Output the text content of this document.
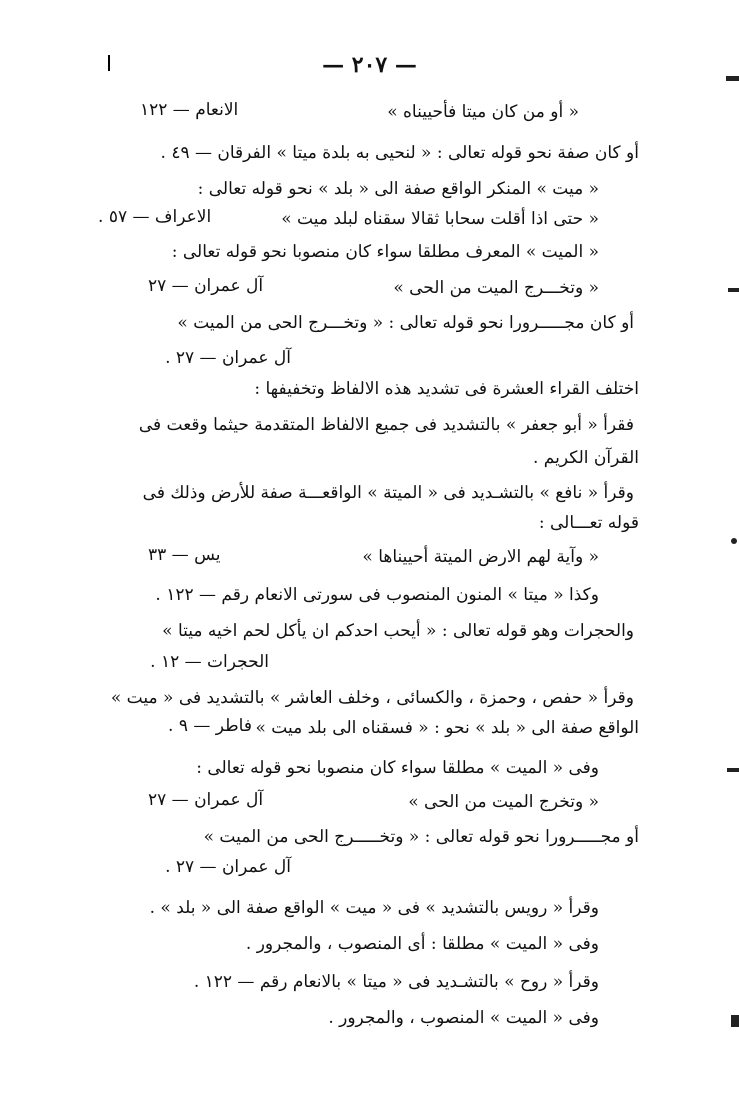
— ٢٠٧ —
« أو من كان ميتا فأحييناه »
الانعام — ١٢٢
أو كان صفة نحو قوله تعالى : « لنحيى به بلدة ميتا » الفرقان — ٤٩ .
« ميت » المنكر الواقع صفة الى « بلد » نحو قوله تعالى :
« حتى اذا أقلت سحابا ثقالا سقناه لبلد ميت »
الاعراف — ٥٧ .
« الميت » المعرف مطلقا سواء كان منصوبا نحو قوله تعالى :
« وتخـــرج الميت من الحى »
آل عمران — ٢٧
أو كان مجـــــرورا نحو قوله تعالى : « وتخـــرج الحى من الميت »
آل عمران — ٢٧ .
اختلف القراء العشرة فى تشديد هذه الالفاظ وتخفيفها :
فقرأ « أبو جعفر » بالتشديد فى جميع الالفاظ المتقدمة حيثما وقعت فى
القرآن الكريم .
وقرأ « نافع » بالتشـديد فى « الميتة » الواقعـــة صفة للأرض وذلك فى
قوله تعـــالى :
« وآية لهم الارض الميتة أحييناها »
يس — ٣٣
وكذا « ميتا » المنون المنصوب فى سورتى الانعام رقم — ١٢٢ .
والحجرات وهو قوله تعالى : « أيحب احدكم ان يأكل لحم اخيه ميتا »
الحجرات — ١٢ .
وقرأ « حفص ، وحمزة ، والكسائى ، وخلف العاشر » بالتشديد فى « ميت »
الواقع صفة الى « بلد » نحو : « فسقناه الى بلد ميت »
فاطر — ٩ .
وفى « الميت » مطلقا سواء كان منصوبا نحو قوله تعالى :
« وتخرج الميت من الحى »
آل عمران — ٢٧
أو مجـــــرورا نحو قوله تعالى : « وتخـــــرج الحى من الميت »
آل عمران — ٢٧ .
وقرأ « رويس بالتشديد » فى « ميت » الواقع صفة الى « بلد » .
وفى « الميت » مطلقا : أى المنصوب ، والمجرور .
وقرأ « روح » بالتشـديد فى « ميتا » بالانعام رقم — ١٢٢ .
وفى « الميت » المنصوب ، والمجرور .
